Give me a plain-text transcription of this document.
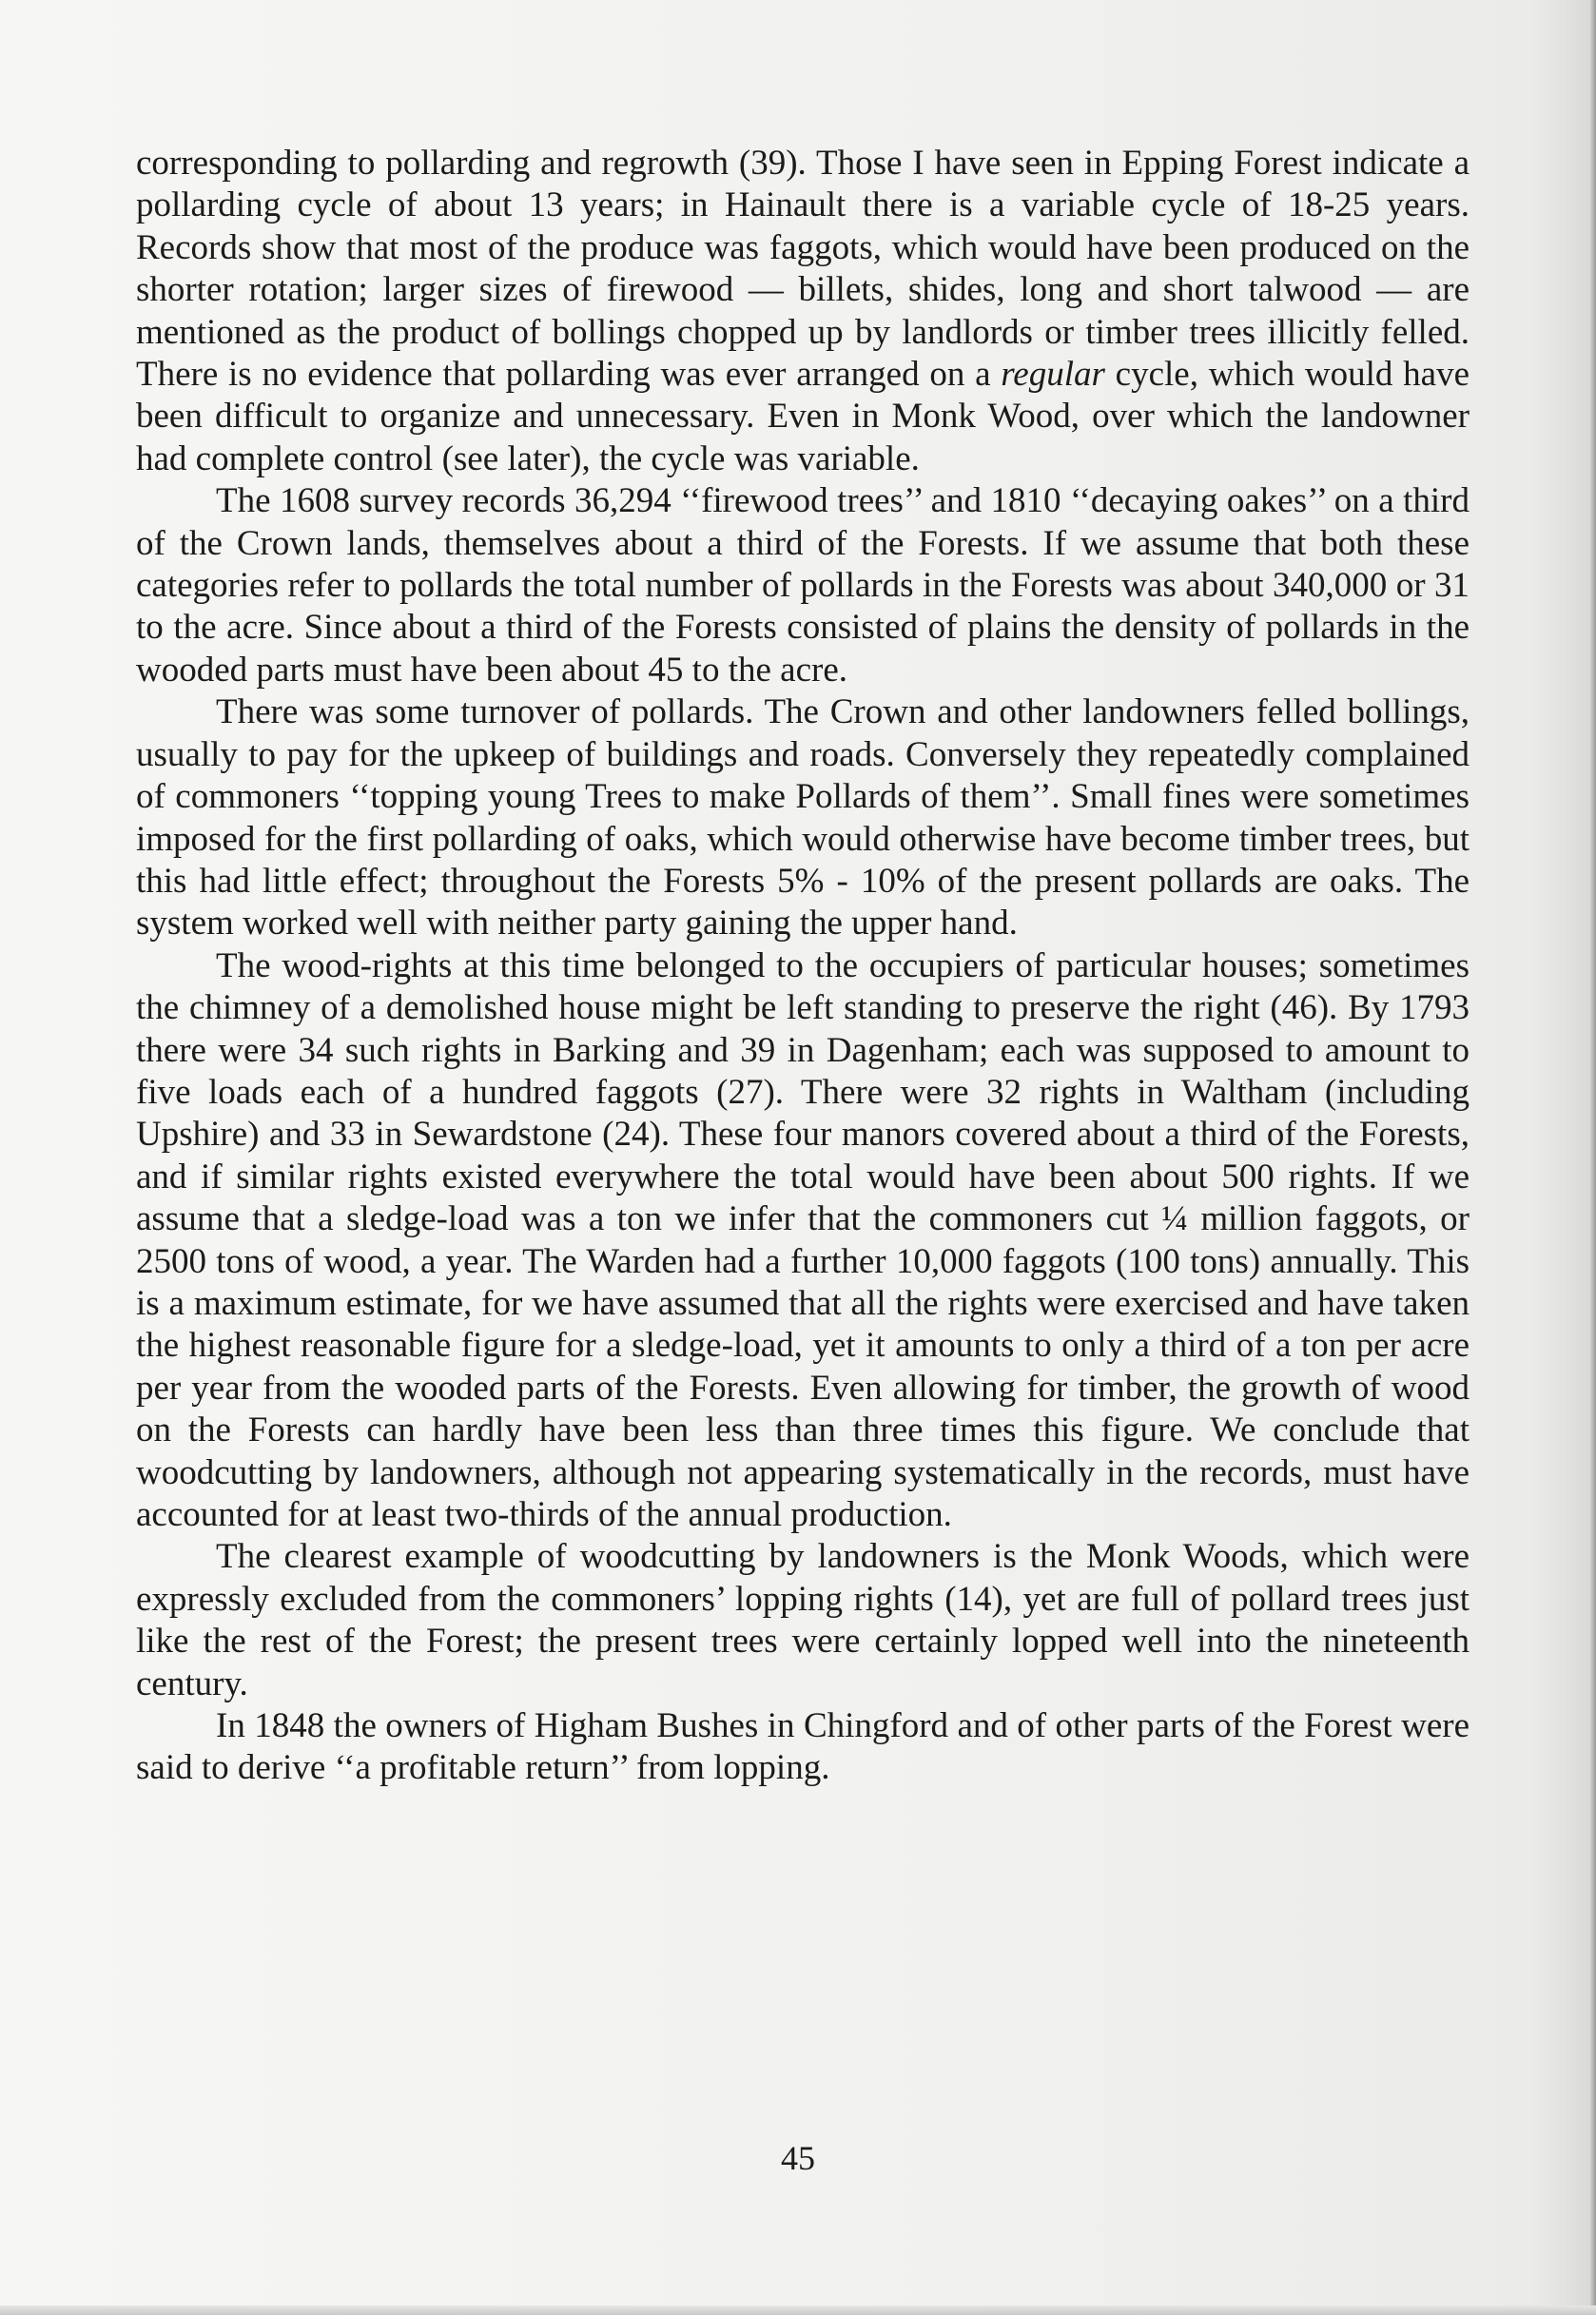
corresponding to pollarding and regrowth (39). Those I have seen in Epping Forest indicate a pollarding cycle of about 13 years; in Hainault there is a variable cycle of 18-25 years. Records show that most of the produce was faggots, which would have been produced on the shorter rotation; larger sizes of firewood — billets, shides, long and short talwood — are mentioned as the product of bollings chopped up by landlords or timber trees illicitly felled. There is no evidence that pollarding was ever arranged on a regular cycle, which would have been difficult to organize and unnecessary. Even in Monk Wood, over which the landowner had complete control (see later), the cycle was variable.

The 1608 survey records 36,294 ‘‘firewood trees’’ and 1810 ‘‘decaying oakes’’ on a third of the Crown lands, themselves about a third of the Forests. If we assume that both these categories refer to pollards the total number of pollards in the Forests was about 340,000 or 31 to the acre. Since about a third of the Forests consisted of plains the density of pollards in the wooded parts must have been about 45 to the acre.

There was some turnover of pollards. The Crown and other landowners felled bollings, usually to pay for the upkeep of buildings and roads. Conversely they repeatedly complained of commoners ‘‘topping young Trees to make Pollards of them’’. Small fines were sometimes imposed for the first pollarding of oaks, which would otherwise have become timber trees, but this had little effect; throughout the Forests 5% - 10% of the present pollards are oaks. The system worked well with neither party gaining the upper hand.

The wood-rights at this time belonged to the occupiers of particular houses; sometimes the chimney of a demolished house might be left standing to preserve the right (46). By 1793 there were 34 such rights in Barking and 39 in Dagenham; each was supposed to amount to five loads each of a hundred faggots (27). There were 32 rights in Waltham (including Upshire) and 33 in Sewardstone (24). These four manors covered about a third of the Forests, and if similar rights existed everywhere the total would have been about 500 rights. If we assume that a sledge-load was a ton we infer that the commoners cut ¼ million faggots, or 2500 tons of wood, a year. The Warden had a further 10,000 faggots (100 tons) annually. This is a maximum estimate, for we have assumed that all the rights were exercised and have taken the highest reasonable figure for a sledge-load, yet it amounts to only a third of a ton per acre per year from the wooded parts of the Forests. Even allowing for timber, the growth of wood on the Forests can hardly have been less than three times this figure. We conclude that woodcutting by landowners, although not appearing systematically in the records, must have accounted for at least two-thirds of the annual production.

The clearest example of woodcutting by landowners is the Monk Woods, which were expressly excluded from the commoners’ lopping rights (14), yet are full of pollard trees just like the rest of the Forest; the present trees were certainly lopped well into the nineteenth century.

In 1848 the owners of Higham Bushes in Chingford and of other parts of the Forest were said to derive ‘‘a profitable return’’ from lopping.

45
